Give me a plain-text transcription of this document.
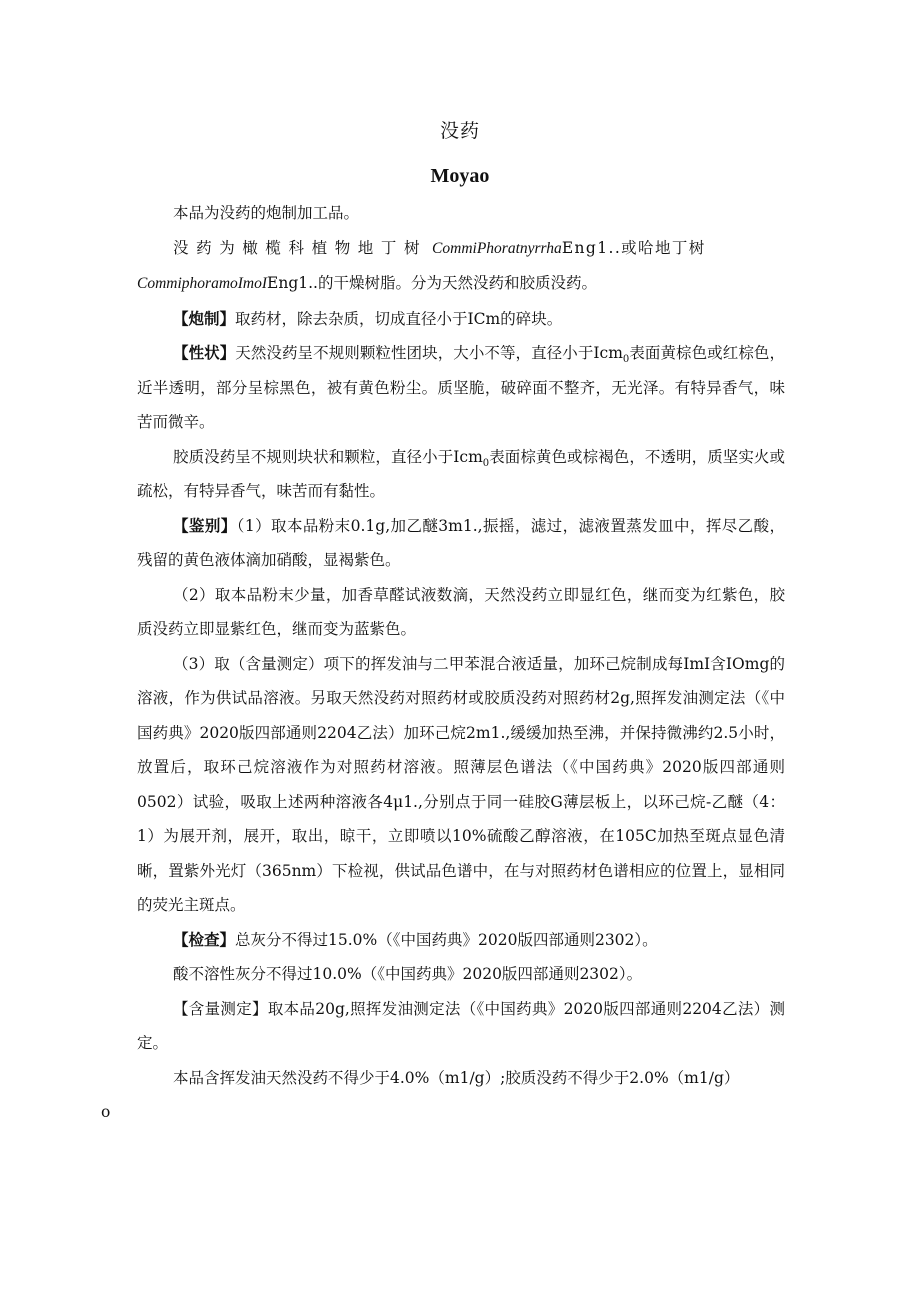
没药
Moyao

本品为没药的炮制加工品。

没药为橄榄科植物地丁树 CommiPhoratnyrrhaEng1..或哈地丁树
CommiphoramoImoIEng1..的干燥树脂。分为天然没药和胶质没药。

【炮制】取药材，除去杂质，切成直径小于ICm的碎块。

【性状】天然没药呈不规则颗粒性团块，大小不等，直径小于Icm$_0$表面黄棕色或红棕色，近半透明，部分呈棕黑色，被有黄色粉尘。质坚脆，破碎面不整齐，无光泽。有特异香气，味苦而微辛。

胶质没药呈不规则块状和颗粒，直径小于Icm$_0$表面棕黄色或棕褐色，不透明，质坚实火或疏松，有特异香气，味苦而有黏性。

【鉴别】（1）取本品粉末0.1g,加乙醚3m1.,振摇，滤过，滤液置蒸发皿中，挥尽乙酸，残留的黄色液体滴加硝酸，显褐紫色。

（2）取本品粉末少量，加香草醛试液数滴，天然没药立即显红色，继而变为红紫色，胶质没药立即显紫红色，继而变为蓝紫色。

（3）取（含量测定）项下的挥发油与二甲苯混合液适量，加环己烷制成每ImI含IOmg的溶液，作为供试品溶液。另取天然没药对照药材或胶质没药对照药材2g,照挥发油测定法（《中国药典》2020版四部通则2204乙法）加环己烷2m1.,缓缓加热至沸，并保持微沸约2.5小时，放置后，取环己烷溶液作为对照药材溶液。照薄层色谱法（《中国药典》2020版四部通则0502）试验，吸取上述两种溶液各4μ1.,分别点于同一硅胶G薄层板上，以环己烷-乙醚（4：1）为展开剂，展开，取出，晾干，立即喷以10%硫酸乙醇溶液，在105C加热至斑点显色清晰，置紫外光灯（365nm）下检视，供试品色谱中，在与对照药材色谱相应的位置上，显相同的荧光主斑点。

【检查】总灰分不得过15.0%（《中国药典》2020版四部通则2302）。

酸不溶性灰分不得过10.0%（《中国药典》2020版四部通则2302）。

【含量测定】取本品20g,照挥发油测定法（《中国药典》2020版四部通则2204乙法）测定。

本品含挥发油天然没药不得少于4.0%（m1∕g）;胶质没药不得少于2.0%（m1∕g）
o
